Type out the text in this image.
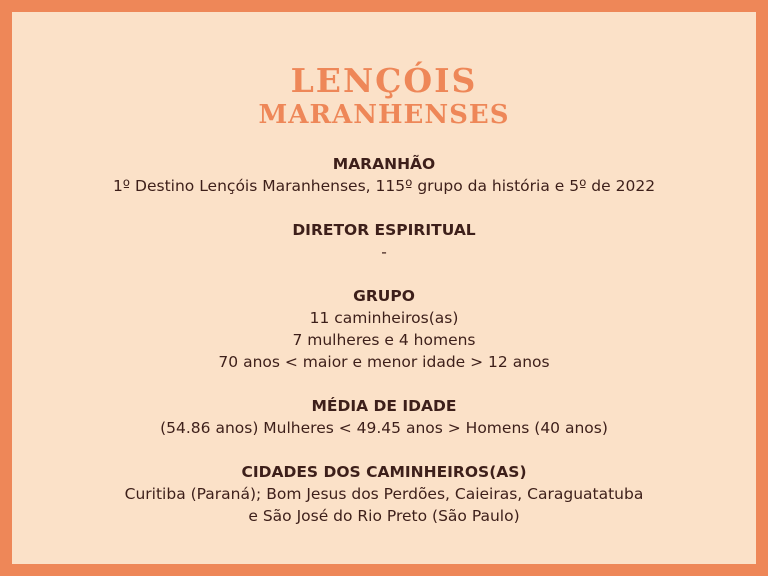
LENÇÓIS
MARANHENSES
MARANHÃO
1º Destino Lençóis Maranhenses, 115º grupo da história e 5º de 2022
DIRETOR ESPIRITUAL
-
GRUPO
11 caminheiros(as)
7 mulheres e 4 homens
70 anos < maior e menor idade > 12 anos
MÉDIA DE IDADE
(54.86 anos) Mulheres < 49.45 anos > Homens (40 anos)
CIDADES DOS CAMINHEIROS(AS)
Curitiba (Paraná); Bom Jesus dos Perdões, Caieiras, Caraguatatuba
e São José do Rio Preto (São Paulo)
